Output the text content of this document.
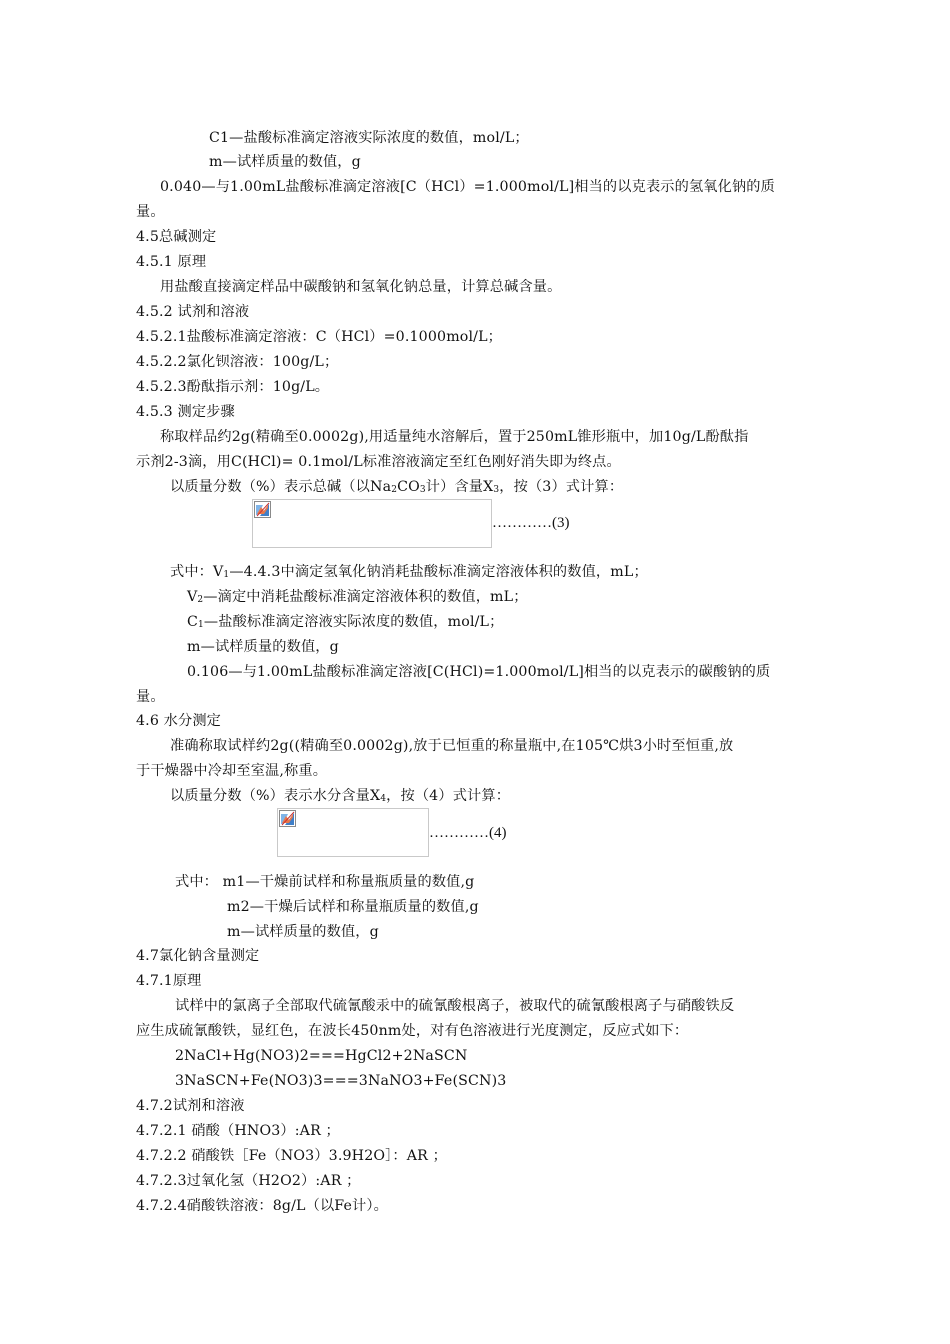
C1—盐酸标准滴定溶液实际浓度的数值，mol/L；
m—试样质量的数值，g
0.040—与1.00mL盐酸标准滴定溶液[C（HCl）=1.000mol/L]相当的以克表示的氢氧化钠的质
量。
4.5总碱测定
4.5.1 原理
用盐酸直接滴定样品中碳酸钠和氢氧化钠总量，计算总碱含量。
4.5.2 试剂和溶液
4.5.2.1盐酸标准滴定溶液：C（HCl）=0.1000mol/L；
4.5.2.2氯化钡溶液：100g/L；
4.5.2.3酚酞指示剂：10g/L。
4.5.3 测定步骤
称取样品约2g(精确至0.0002g),用适量纯水溶解后，置于250mL锥形瓶中，加10g/L酚酞指
示剂2-3滴，用C(HCl)= 0.1mol/L标准溶液滴定至红色刚好消失即为终点。
以质量分数（%）表示总碱（以$Na_2CO_3$计）含量$X_3$，按（3）式计算：
…………(3)
式中：$V_1—4.4.3$中滴定氢氧化钠消耗盐酸标准滴定溶液体积的数值，mL；
$V_2—$滴定中消耗盐酸标准滴定溶液体积的数值，mL；
$C_1—$盐酸标准滴定溶液实际浓度的数值，mol/L；
m—试样质量的数值，g
0.106—与1.00mL盐酸标准滴定溶液[C(HCl)=1.000mol/L]相当的以克表示的碳酸钠的质
量。
4.6 水分测定
准确称取试样约2g((精确至0.0002g),放于已恒重的称量瓶中,在105℃烘3小时至恒重,放
于干燥器中冷却至室温,称重。
以质量分数（%）表示水分含量$X_4$，按（4）式计算：
…………(4)
式中： m1—干燥前试样和称量瓶质量的数值,g
m2—干燥后试样和称量瓶质量的数值,g
m—试样质量的数值，g
4.7氯化钠含量测定
4.7.1原理
试样中的氯离子全部取代硫氰酸汞中的硫氰酸根离子，被取代的硫氰酸根离子与硝酸铁反
应生成硫氰酸铁，显红色，在波长450nm处，对有色溶液进行光度测定，反应式如下：
2NaCl+Hg(NO3)2===HgCl2+2NaSCN
3NaSCN+Fe(NO3)3===3NaNO3+Fe(SCN)3
4.7.2试剂和溶液
4.7.2.1 硝酸（HNO3）:AR ；
4.7.2.2 硝酸铁［Fe（NO3）3.9H2O］：AR ；
4.7.2.3过氧化氢（H2O2）:AR ；
4.7.2.4硝酸铁溶液：8g/L（以Fe计）。
